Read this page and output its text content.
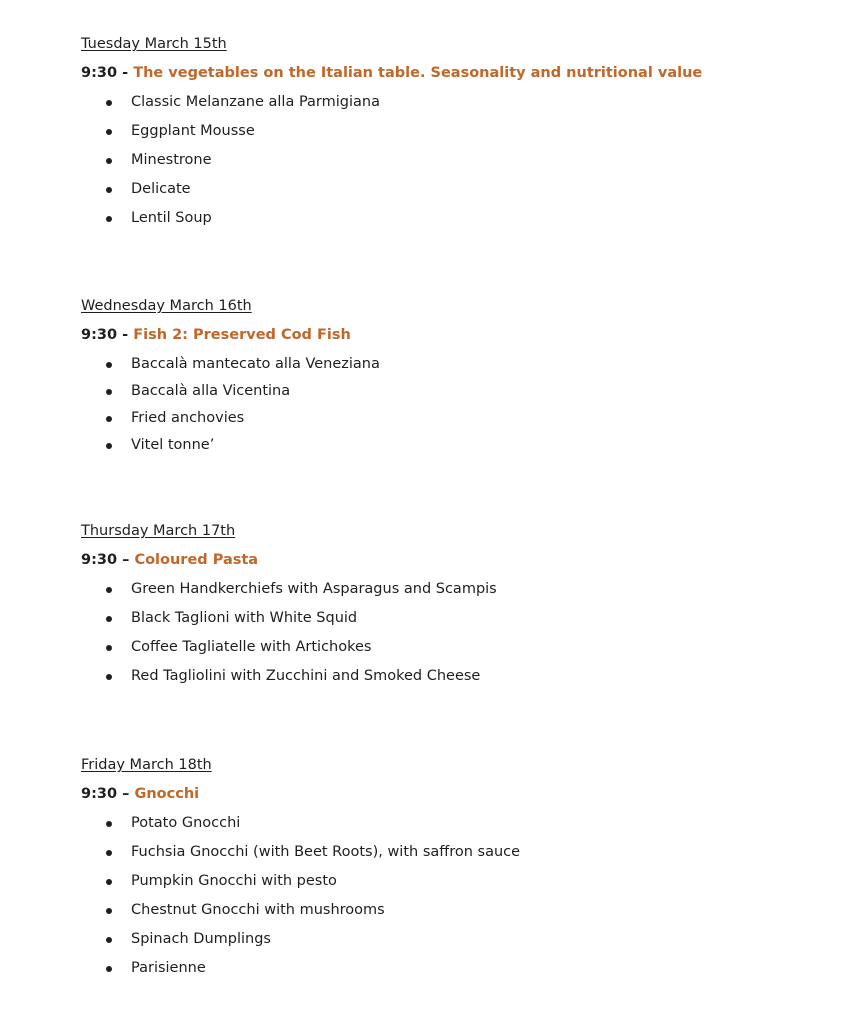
Tuesday March 15th
9:30 - The vegetables on the Italian table. Seasonality and nutritional value
Classic Melanzane alla Parmigiana
Eggplant Mousse
Minestrone
Delicate
Lentil Soup
Wednesday March 16th
9:30 - Fish 2: Preserved Cod Fish
Baccalà mantecato alla Veneziana
Baccalà alla Vicentina
Fried anchovies
Vitel tonne’
Thursday March 17th
9:30 – Coloured Pasta
Green Handkerchiefs with Asparagus and Scampis
Black Taglioni with White Squid
Coffee Tagliatelle with Artichokes
Red Tagliolini with Zucchini and Smoked Cheese
Friday March 18th
9:30 – Gnocchi
Potato Gnocchi
Fuchsia Gnocchi (with Beet Roots), with saffron sauce
Pumpkin Gnocchi with pesto
Chestnut Gnocchi with mushrooms
Spinach Dumplings
Parisienne
